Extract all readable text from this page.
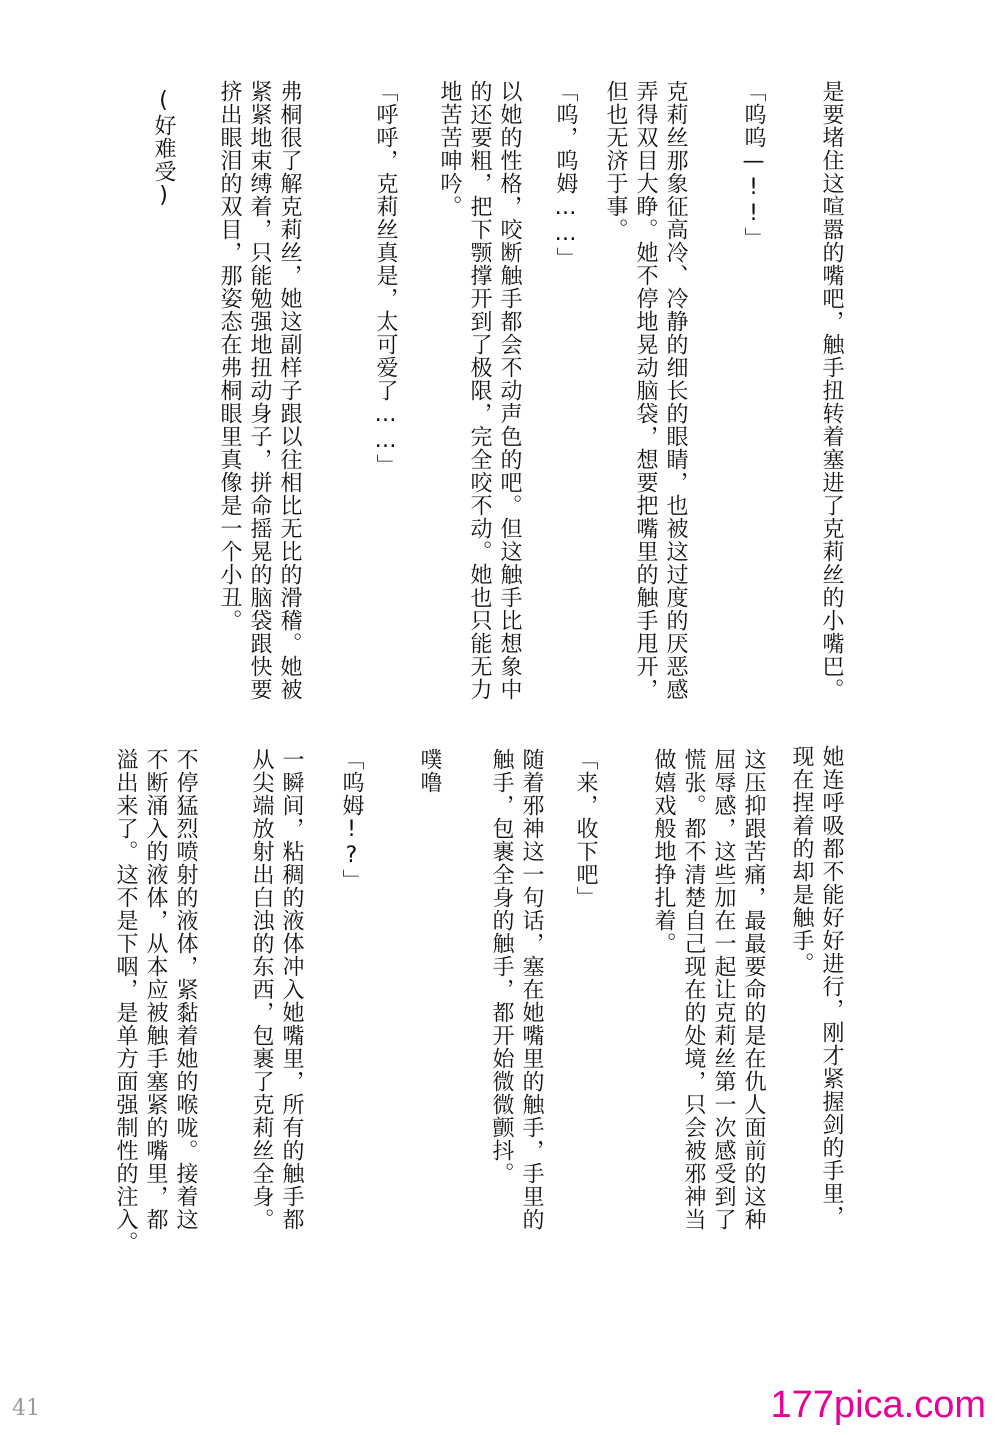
是要堵住这喧嚣的嘴吧，触手扭转着塞进了克莉丝的小嘴巴。
「呜呜—!!」
克莉丝那象征高冷、冷静的细长的眼睛，也被这过度的厌恶感
弄得双目大睁。她不停地晃动脑袋，想要把嘴里的触手甩开，
但也无济于事。
「呜，呜姆……」
以她的性格，咬断触手都会不动声色的吧。但这触手比想象中
的还要粗，把下颚撑开到了极限，完全咬不动。她也只能无力
地苦苦呻吟。
「呼呼，克莉丝真是，太可爱了……」
弗桐很了解克莉丝，她这副样子跟以往相比无比的滑稽。她被
紧紧地束缚着，只能勉强地扭动身子，拼命摇晃的脑袋跟快要
挤出眼泪的双目，那姿态在弗桐眼里真像是一个小丑。
(好难受)
她连呼吸都不能好好进行，刚才紧握剑的手里，
现在捏着的却是触手。
这压抑跟苦痛，最最要命的是在仇人面前的这种
屈辱感，这些加在一起让克莉丝第一次感受到了
慌张。都不清楚自己现在的处境，只会被邪神当
做嬉戏般地挣扎着。
「来，收下吧」
随着邪神这一句话，塞在她嘴里的触手，手里的
触手，包裹全身的触手，都开始微微颤抖。
噗噜
「呜姆!?」
一瞬间，粘稠的液体冲入她嘴里，所有的触手都
从尖端放射出白浊的东西，包裹了克莉丝全身。
不停猛烈喷射的液体，紧黏着她的喉咙。接着这
不断涌入的液体，从本应被触手塞紧的嘴里，都
溢出来了。这不是下咽，是单方面强制性的注入。
41	177pica.com
